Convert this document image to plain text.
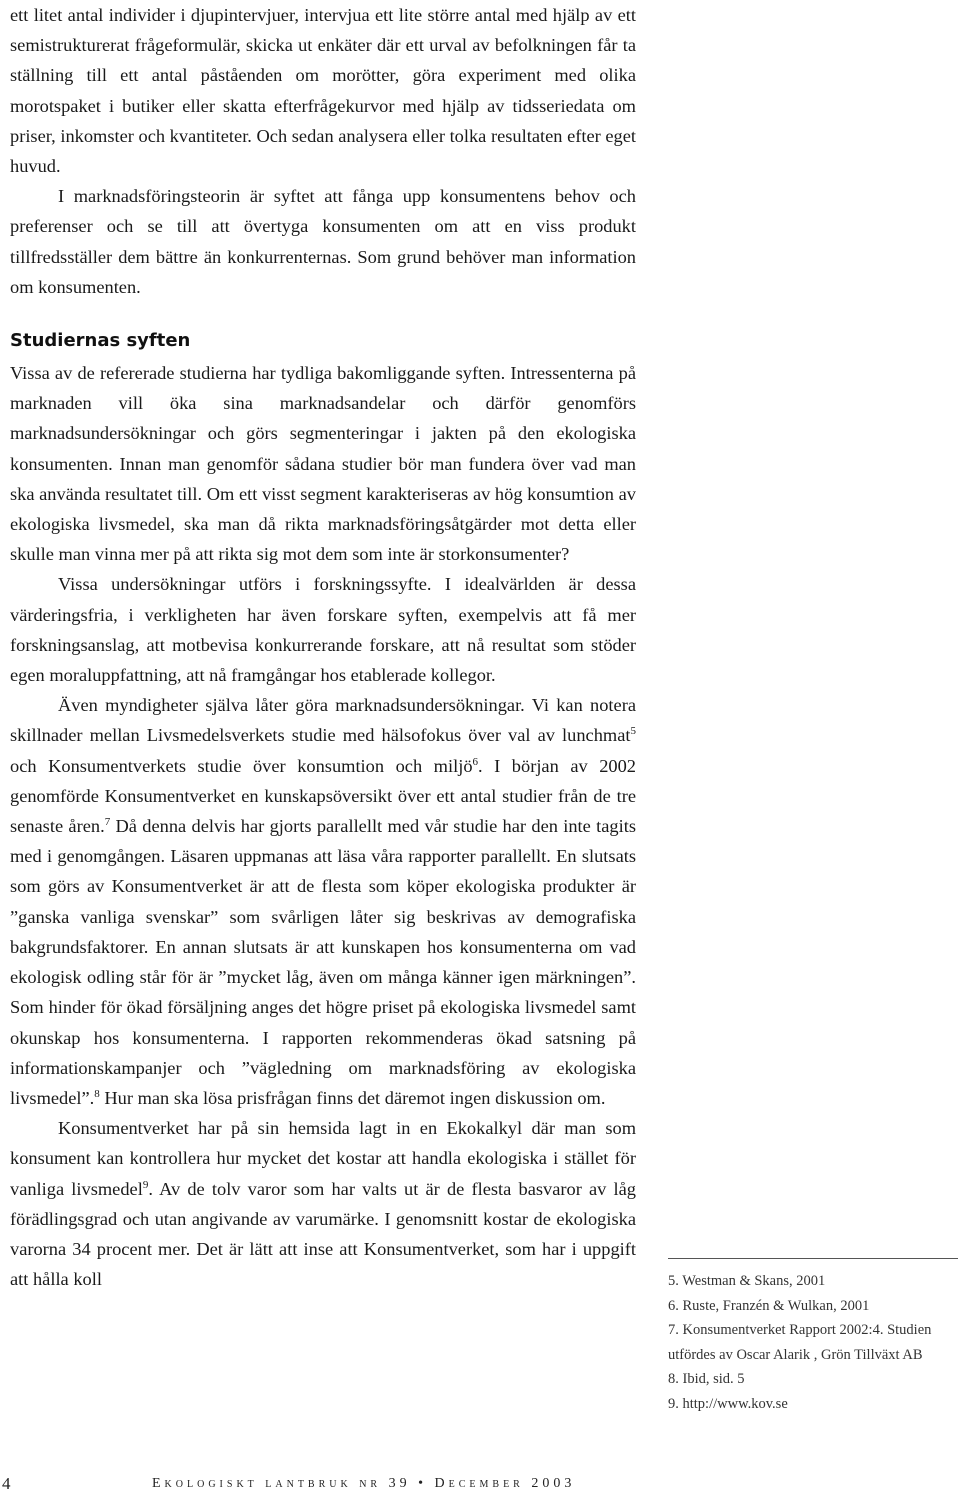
ett litet antal individer i djupintervjuer, intervjua ett lite större antal med hjälp av ett semistrukturerat frågeformulär, skicka ut enkäter där ett urval av befolkningen får ta ställning till ett antal påståenden om morötter, göra experiment med olika morotspaket i butiker eller skatta efterfrågekurvor med hjälp av tidsseriedata om priser, inkomster och kvantiteter. Och sedan analysera eller tolka resultaten efter eget huvud.

I marknadsföringsteorin är syftet att fånga upp konsumentens behov och preferenser och se till att övertyga konsumenten om att en viss produkt tillfredsställer dem bättre än konkurrenternas. Som grund behöver man information om konsumenten.

Studiernas syften

Vissa av de refererade studierna har tydliga bakomliggande syften. Intressenterna på marknaden vill öka sina marknadsandelar och därför genomförs marknadsundersökningar och görs segmenteringar i jakten på den ekologiska konsumenten. Innan man genomför sådana studier bör man fundera över vad man ska använda resultatet till. Om ett visst segment karakteriseras av hög konsumtion av ekologiska livsmedel, ska man då rikta marknadsföringsåtgärder mot detta eller skulle man vinna mer på att rikta sig mot dem som inte är storkonsumenter?

Vissa undersökningar utförs i forskningssyfte. I idealvärlden är dessa värderingsfria, i verkligheten har även forskare syften, exempelvis att få mer forskningsanslag, att motbevisa konkurrerande forskare, att nå resultat som stöder egen moraluppfattning, att nå framgångar hos etablerade kollegor.

Även myndigheter själva låter göra marknadsundersökningar. Vi kan notera skillnader mellan Livsmedelsverkets studie med hälsofokus över val av lunchmat$^5$ och Konsumentverkets studie över konsumtion och miljö$^6$. I början av 2002 genomförde Konsumentverket en kunskapsöversikt över ett antal studier från de tre senaste åren.$^7$ Då denna delvis har gjorts parallellt med vår studie har den inte tagits med i genomgången. Läsaren uppmanas att läsa våra rapporter parallellt. En slutsats som görs av Konsumentverket är att de flesta som köper ekologiska produkter är ”ganska vanliga svenskar” som svårligen låter sig beskrivas av demografiska bakgrundsfaktorer. En annan slutsats är att kunskapen hos konsumenterna om vad ekologisk odling står för är ”mycket låg, även om många känner igen märkningen”. Som hinder för ökad försäljning anges det högre priset på ekologiska livsmedel samt okunskap hos konsumenterna. I rapporten rekommenderas ökad satsning på informationskampanjer och ”vägledning om marknadsföring av ekologiska livsmedel”.$^8$ Hur man ska lösa prisfrågan finns det däremot ingen diskussion om.

Konsumentverket har på sin hemsida lagt in en Ekokalkyl där man som konsument kan kontrollera hur mycket det kostar att handla ekologiska i stället för vanliga livsmedel$^9$. Av de tolv varor som har valts ut är de flesta basvaror av låg förädlingsgrad och utan angivande av varumärke. I genomsnitt kostar de ekologiska varorna 34 procent mer. Det är lätt att inse att Konsumentverket, som har i uppgift att hålla koll	5. Westman & Skans, 2001

6. Ruste, Franzén & Wulkan, 2001

7. Konsumentverket Rapport 2002:4. Studien utfördes av Oscar Alarik , Grön Tillväxt AB

8. Ibid, sid. 5

9. http://www.kov.se

4	Ekologiskt lantbruk nr 39 • December 2003
